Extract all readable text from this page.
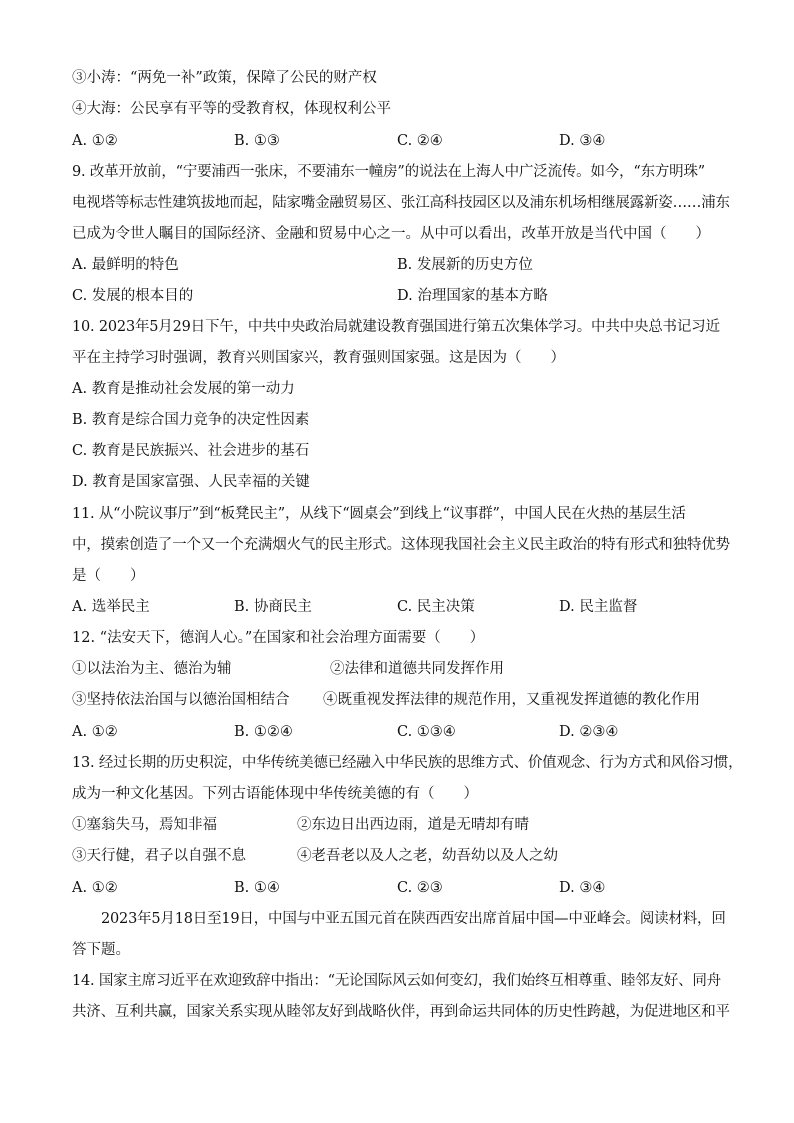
③小涛：“两免一补”政策，保障了公民的财产权
④大海：公民享有平等的受教育权，体现权利公平
A. ①②	B. ①③	C. ②④	D. ③④
9. 改革开放前，“宁要浦西一张床，不要浦东一幢房”的说法在上海人中广泛流传。如今，“东方明珠”
电视塔等标志性建筑拔地而起，陆家嘴金融贸易区、张江高科技园区以及浦东机场相继展露新姿……浦东
已成为令世人瞩目的国际经济、金融和贸易中心之一。从中可以看出，改革开放是当代中国（　　）
A. 最鲜明的特色	B. 发展新的历史方位
C. 发展的根本目的	D. 治理国家的基本方略
10. 2023年5月29日下午，中共中央政治局就建设教育强国进行第五次集体学习。中共中央总书记习近
平在主持学习时强调，教育兴则国家兴，教育强则国家强。这是因为（　　）
A. 教育是推动社会发展的第一动力
B. 教育是综合国力竞争的决定性因素
C. 教育是民族振兴、社会进步的基石
D. 教育是国家富强、人民幸福的关键
11. 从“小院议事厅”到“板凳民主”，从线下“圆桌会”到线上“议事群”，中国人民在火热的基层生活
中，摸索创造了一个又一个充满烟火气的民主形式。这体现我国社会主义民主政治的特有形式和独特优势
是（　　）
A. 选举民主	B. 协商民主	C. 民主决策	D. 民主监督
12. “法安天下，德润人心。”在国家和社会治理方面需要（　　）
①以法治为主、德治为辅	②法律和道德共同发挥作用
③坚持依法治国与以德治国相结合 ④既重视发挥法律的规范作用，又重视发挥道德的教化作用
A. ①②	B. ①②④	C. ①③④	D. ②③④
13. 经过长期的历史积淀，中华传统美德已经融入中华民族的思维方式、价值观念、行为方式和风俗习惯，
成为一种文化基因。下列古语能体现中华传统美德的有（　　）
①塞翁失马，焉知非福	②东边日出西边雨，道是无晴却有晴
③天行健，君子以自强不息	④老吾老以及人之老，幼吾幼以及人之幼
A. ①②	B. ①④	C. ②③	D. ③④
2023年5月18日至19日，中国与中亚五国元首在陕西西安出席首届中国—中亚峰会。阅读材料，回
答下题。
14. 国家主席习近平在欢迎致辞中指出：“无论国际风云如何变幻，我们始终互相尊重、睦邻友好、同舟
共济、互利共赢，国家关系实现从睦邻友好到战略伙伴，再到命运共同体的历史性跨越，为促进地区和平
